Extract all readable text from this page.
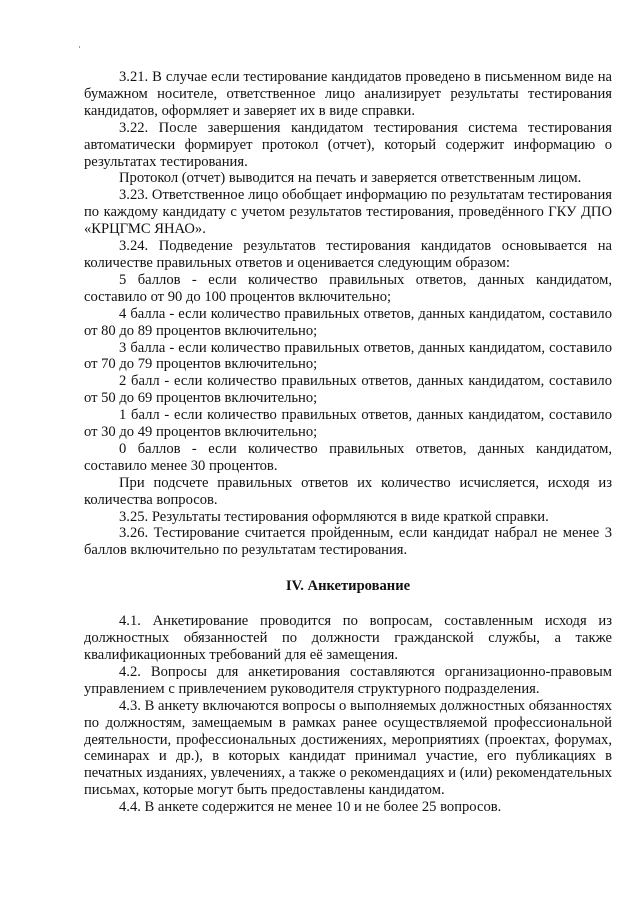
3.21. В случае если тестирование кандидатов проведено в письменном виде на бумажном носителе, ответственное лицо анализирует результаты тестирования кандидатов, оформляет и заверяет их в виде справки.

3.22. После завершения кандидатом тестирования система тестирования автоматически формирует протокол (отчет), который содержит информацию о результатах тестирования.

Протокол (отчет) выводится на печать и заверяется ответственным лицом.

3.23. Ответственное лицо обобщает информацию по результатам тестирования по каждому кандидату с учетом результатов тестирования, проведённого ГКУ ДПО «КРЦГМС ЯНАО».

3.24. Подведение результатов тестирования кандидатов основывается на количестве правильных ответов и оценивается следующим образом:

5 баллов - если количество правильных ответов, данных кандидатом, составило от 90 до 100 процентов включительно;

4 балла - если количество правильных ответов, данных кандидатом, составило от 80 до 89 процентов включительно;

3 балла - если количество правильных ответов, данных кандидатом, составило от 70 до 79 процентов включительно;

2 балл - если количество правильных ответов, данных кандидатом, составило от 50 до 69 процентов включительно;

1 балл - если количество правильных ответов, данных кандидатом, составило от 30 до 49 процентов включительно;

0 баллов - если количество правильных ответов, данных кандидатом, составило менее 30 процентов.

При подсчете правильных ответов их количество исчисляется, исходя из количества вопросов.

3.25. Результаты тестирования оформляются в виде краткой справки.

3.26. Тестирование считается пройденным, если кандидат набрал не менее 3 баллов включительно по результатам тестирования.

IV. Анкетирование

4.1. Анкетирование проводится по вопросам, составленным исходя из должностных обязанностей по должности гражданской службы, а также квалификационных требований для её замещения.

4.2. Вопросы для анкетирования составляются организационно-правовым управлением с привлечением руководителя структурного подразделения.

4.3. В анкету включаются вопросы о выполняемых должностных обязанностях по должностям, замещаемым в рамках ранее осуществляемой профессиональной деятельности, профессиональных достижениях, мероприятиях (проектах, форумах, семинарах и др.), в которых кандидат принимал участие, его публикациях в печатных изданиях, увлечениях, а также о рекомендациях и (или) рекомендательных письмах, которые могут быть предоставлены кандидатом.

4.4. В анкете содержится не менее 10 и не более 25 вопросов.
